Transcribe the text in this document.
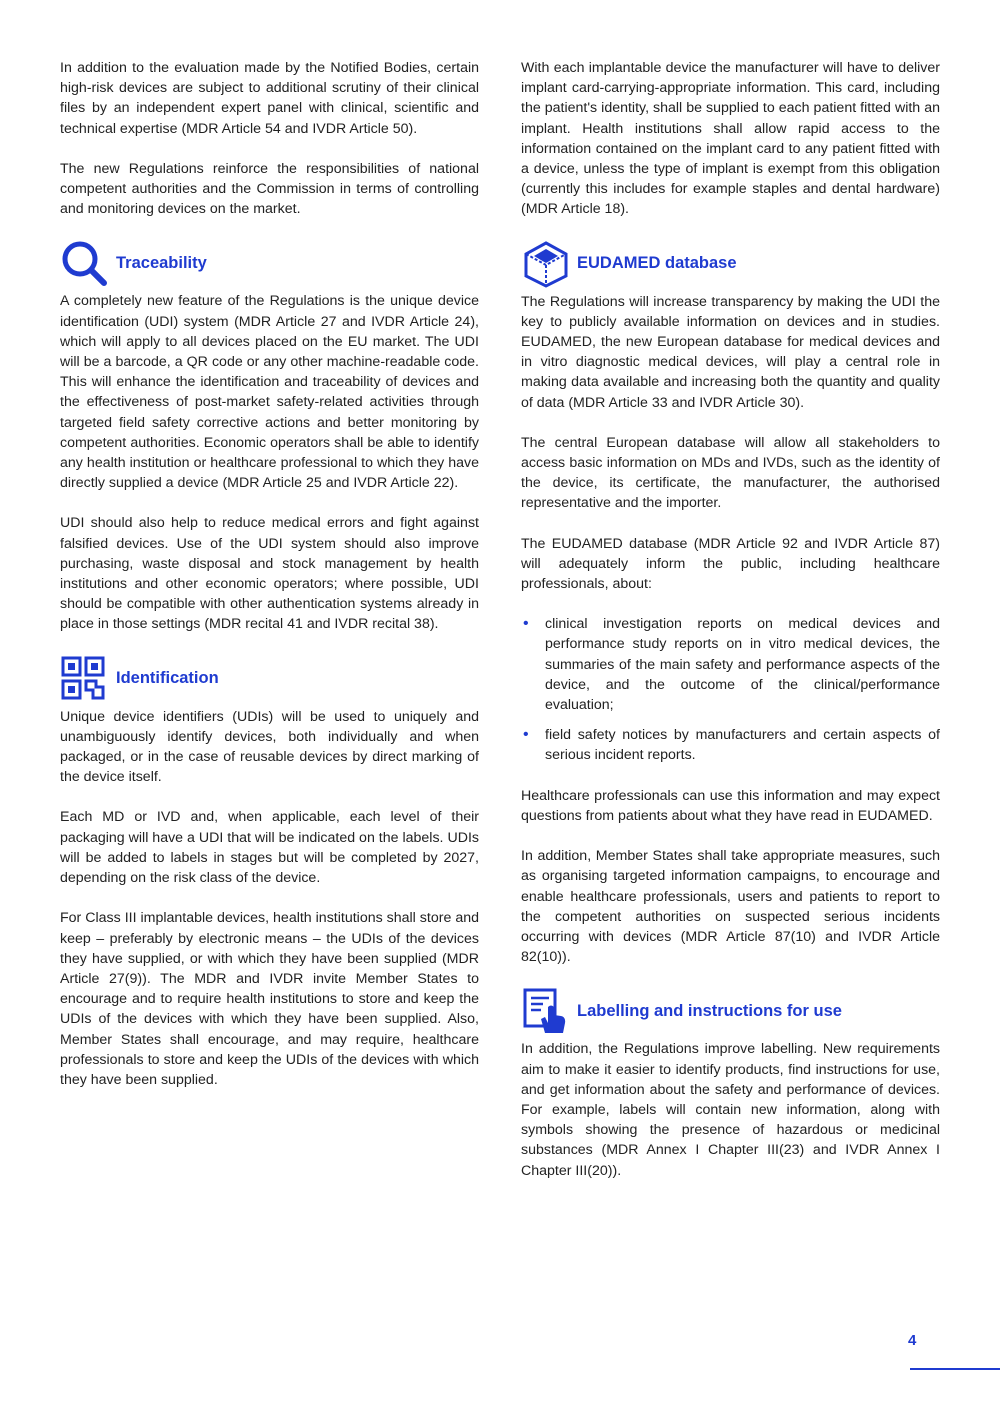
In addition to the evaluation made by the Notified Bodies, certain high-risk devices are subject to additional scrutiny of their clinical files by an independent expert panel with clinical, scientific and technical expertise (MDR Article 54 and IVDR Article 50).

The new Regulations reinforce the responsibilities of national competent authorities and the Commission in terms of controlling and monitoring devices on the market.

Traceability

A completely new feature of the Regulations is the unique device identification (UDI) system (MDR Article 27 and IVDR Article 24), which will apply to all devices placed on the EU market. The UDI will be a barcode, a QR code or any other machine-readable code. This will enhance the identification and traceability of devices and the effectiveness of post-market safety-related activities through targeted field safety corrective actions and better monitoring by competent authorities. Economic operators shall be able to identify any health institution or healthcare professional to which they have directly supplied a device (MDR Article 25 and IVDR Article 22).

UDI should also help to reduce medical errors and fight against falsified devices. Use of the UDI system should also improve purchasing, waste disposal and stock management by health institutions and other economic operators; where possible, UDI should be compatible with other authentication systems already in place in those settings (MDR recital 41 and IVDR recital 38).

Identification

Unique device identifiers (UDIs) will be used to uniquely and unambiguously identify devices, both individually and when packaged, or in the case of reusable devices by direct marking of the device itself.

Each MD or IVD and, when applicable, each level of their packaging will have a UDI that will be indicated on the labels. UDIs will be added to labels in stages but will be completed by 2027, depending on the risk class of the device.

For Class III implantable devices, health institutions shall store and keep – preferably by electronic means – the UDIs of the devices they have supplied, or with which they have been supplied (MDR Article 27(9)). The MDR and IVDR invite Member States to encourage and to require health institutions to store and keep the UDIs of the devices with which they have been supplied. Also, Member States shall encourage, and may require, healthcare professionals to store and keep the UDIs of the devices with which they have been supplied.

With each implantable device the manufacturer will have to deliver implant card-carrying-appropriate information. This card, including the patient's identity, shall be supplied to each patient fitted with an implant. Health institutions shall allow rapid access to the information contained on the implant card to any patient fitted with a device, unless the type of implant is exempt from this obligation (currently this includes for example staples and dental hardware) (MDR Article 18).

EUDAMED database

The Regulations will increase transparency by making the UDI the key to publicly available information on devices and in studies. EUDAMED, the new European database for medical devices and in vitro diagnostic medical devices, will play a central role in making data available and increasing both the quantity and quality of data (MDR Article 33 and IVDR Article 30).

The central European database will allow all stakeholders to access basic information on MDs and IVDs, such as the identity of the device, its certificate, the manufacturer, the authorised representative and the importer.

The EUDAMED database (MDR Article 92 and IVDR Article 87) will adequately inform the public, including healthcare professionals, about:

• clinical investigation reports on medical devices and performance study reports on in vitro medical devices, the summaries of the main safety and performance aspects of the device, and the outcome of the clinical/performance evaluation;
• field safety notices by manufacturers and certain aspects of serious incident reports.

Healthcare professionals can use this information and may expect questions from patients about what they have read in EUDAMED.

In addition, Member States shall take appropriate measures, such as organising targeted information campaigns, to encourage and enable healthcare professionals, users and patients to report to the competent authorities on suspected serious incidents occurring with devices (MDR Article 87(10) and IVDR Article 82(10)).

Labelling and instructions for use

In addition, the Regulations improve labelling. New requirements aim to make it easier to identify products, find instructions for use, and get information about the safety and performance of devices. For example, labels will contain new information, along with symbols showing the presence of hazardous or medicinal substances (MDR Annex I Chapter III(23) and IVDR Annex I Chapter III(20)).

4
